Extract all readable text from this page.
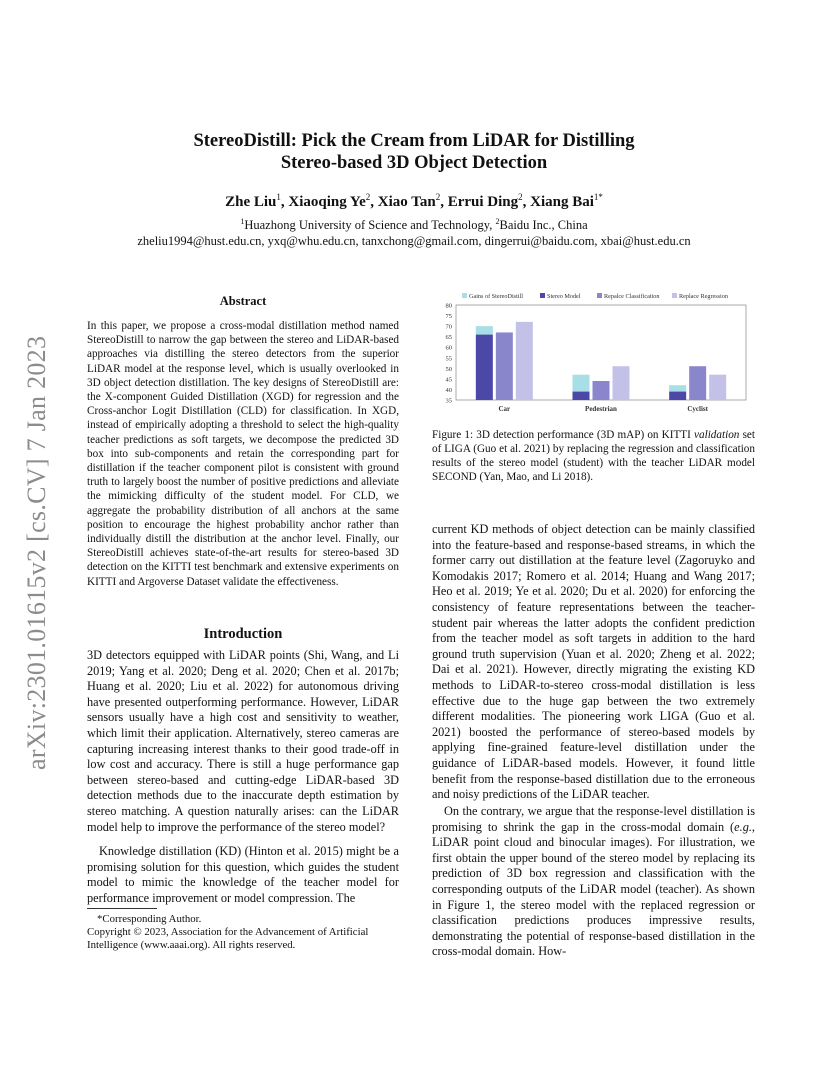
arXiv:2301.01615v2 [cs.CV] 7 Jan 2023
StereoDistill: Pick the Cream from LiDAR for Distilling
Stereo-based 3D Object Detection
Zhe Liu$^1$, Xiaoqing Ye$^2$, Xiao Tan$^2$, Errui Ding$^2$, Xiang Bai$^{1*}$
$^1$Huazhong University of Science and Technology, $^2$Baidu Inc., China
zheliu1994@hust.edu.cn, yxq@whu.edu.cn, tanxchong@gmail.com, dingerrui@baidu.com, xbai@hust.edu.cn
Abstract
In this paper, we propose a cross-modal distillation method named StereoDistill to narrow the gap between the stereo and LiDAR-based approaches via distilling the stereo detectors from the superior LiDAR model at the response level, which is usually overlooked in 3D object detection distillation. The key designs of StereoDistill are: the X-component Guided Distillation (XGD) for regression and the Cross-anchor Logit Distillation (CLD) for classification. In XGD, instead of empirically adopting a threshold to select the high-quality teacher predictions as soft targets, we decompose the predicted 3D box into sub-components and retain the corresponding part for distillation if the teacher component pilot is consistent with ground truth to largely boost the number of positive predictions and alleviate the mimicking difficulty of the student model. For CLD, we aggregate the probability distribution of all anchors at the same position to encourage the highest probability anchor rather than individually distill the distribution at the anchor level. Finally, our StereoDistill achieves state-of-the-art results for stereo-based 3D detection on the KITTI test benchmark and extensive experiments on KITTI and Argoverse Dataset validate the effectiveness.
Introduction
3D detectors equipped with LiDAR points (Shi, Wang, and Li 2019; Yang et al. 2020; Deng et al. 2020; Chen et al. 2017b; Huang et al. 2020; Liu et al. 2022) for autonomous driving have presented outperforming performance. However, LiDAR sensors usually have a high cost and sensitivity to weather, which limit their application. Alternatively, stereo cameras are capturing increasing interest thanks to their good trade-off in low cost and accuracy. There is still a huge performance gap between stereo-based and cutting-edge LiDAR-based 3D detection methods due to the inaccurate depth estimation by stereo matching. A question naturally arises: can the LiDAR model help to improve the performance of the stereo model?
Knowledge distillation (KD) (Hinton et al. 2015) might be a promising solution for this question, which guides the student model to mimic the knowledge of the teacher model for performance improvement or model compression. The
*Corresponding Author.
Copyright © 2023, Association for the Advancement of Artificial Intelligence (www.aaai.org). All rights reserved.
80
75
70
65
60
55
50
45
40
35
Gains of StereoDistill	Stereo Model	Repalce Classification	Replace Regression
Car	Pedestrian	Cyclist
Figure 1: 3D detection performance (3D mAP) on KITTI validation set of LIGA (Guo et al. 2021) by replacing the regression and classification results of the stereo model (student) with the teacher LiDAR model SECOND (Yan, Mao, and Li 2018).
current KD methods of object detection can be mainly classified into the feature-based and response-based streams, in which the former carry out distillation at the feature level (Zagoruyko and Komodakis 2017; Romero et al. 2014; Huang and Wang 2017; Heo et al. 2019; Ye et al. 2020; Du et al. 2020) for enforcing the consistency of feature representations between the teacher-student pair whereas the latter adopts the confident prediction from the teacher model as soft targets in addition to the hard ground truth supervision (Yuan et al. 2020; Zheng et al. 2022; Dai et al. 2021). However, directly migrating the existing KD methods to LiDAR-to-stereo cross-modal distillation is less effective due to the huge gap between the two extremely different modalities. The pioneering work LIGA (Guo et al. 2021) boosted the performance of stereo-based models by applying fine-grained feature-level distillation under the guidance of LiDAR-based models. However, it found little benefit from the response-based distillation due to the erroneous and noisy predictions of the LiDAR teacher.
On the contrary, we argue that the response-level distillation is promising to shrink the gap in the cross-modal domain (e.g., LiDAR point cloud and binocular images). For illustration, we first obtain the upper bound of the stereo model by replacing its prediction of 3D box regression and classification with the corresponding outputs of the LiDAR model (teacher). As shown in Figure 1, the stereo model with the replaced regression or classification predictions produces impressive results, demonstrating the potential of response-based distillation in the cross-modal domain. How-
